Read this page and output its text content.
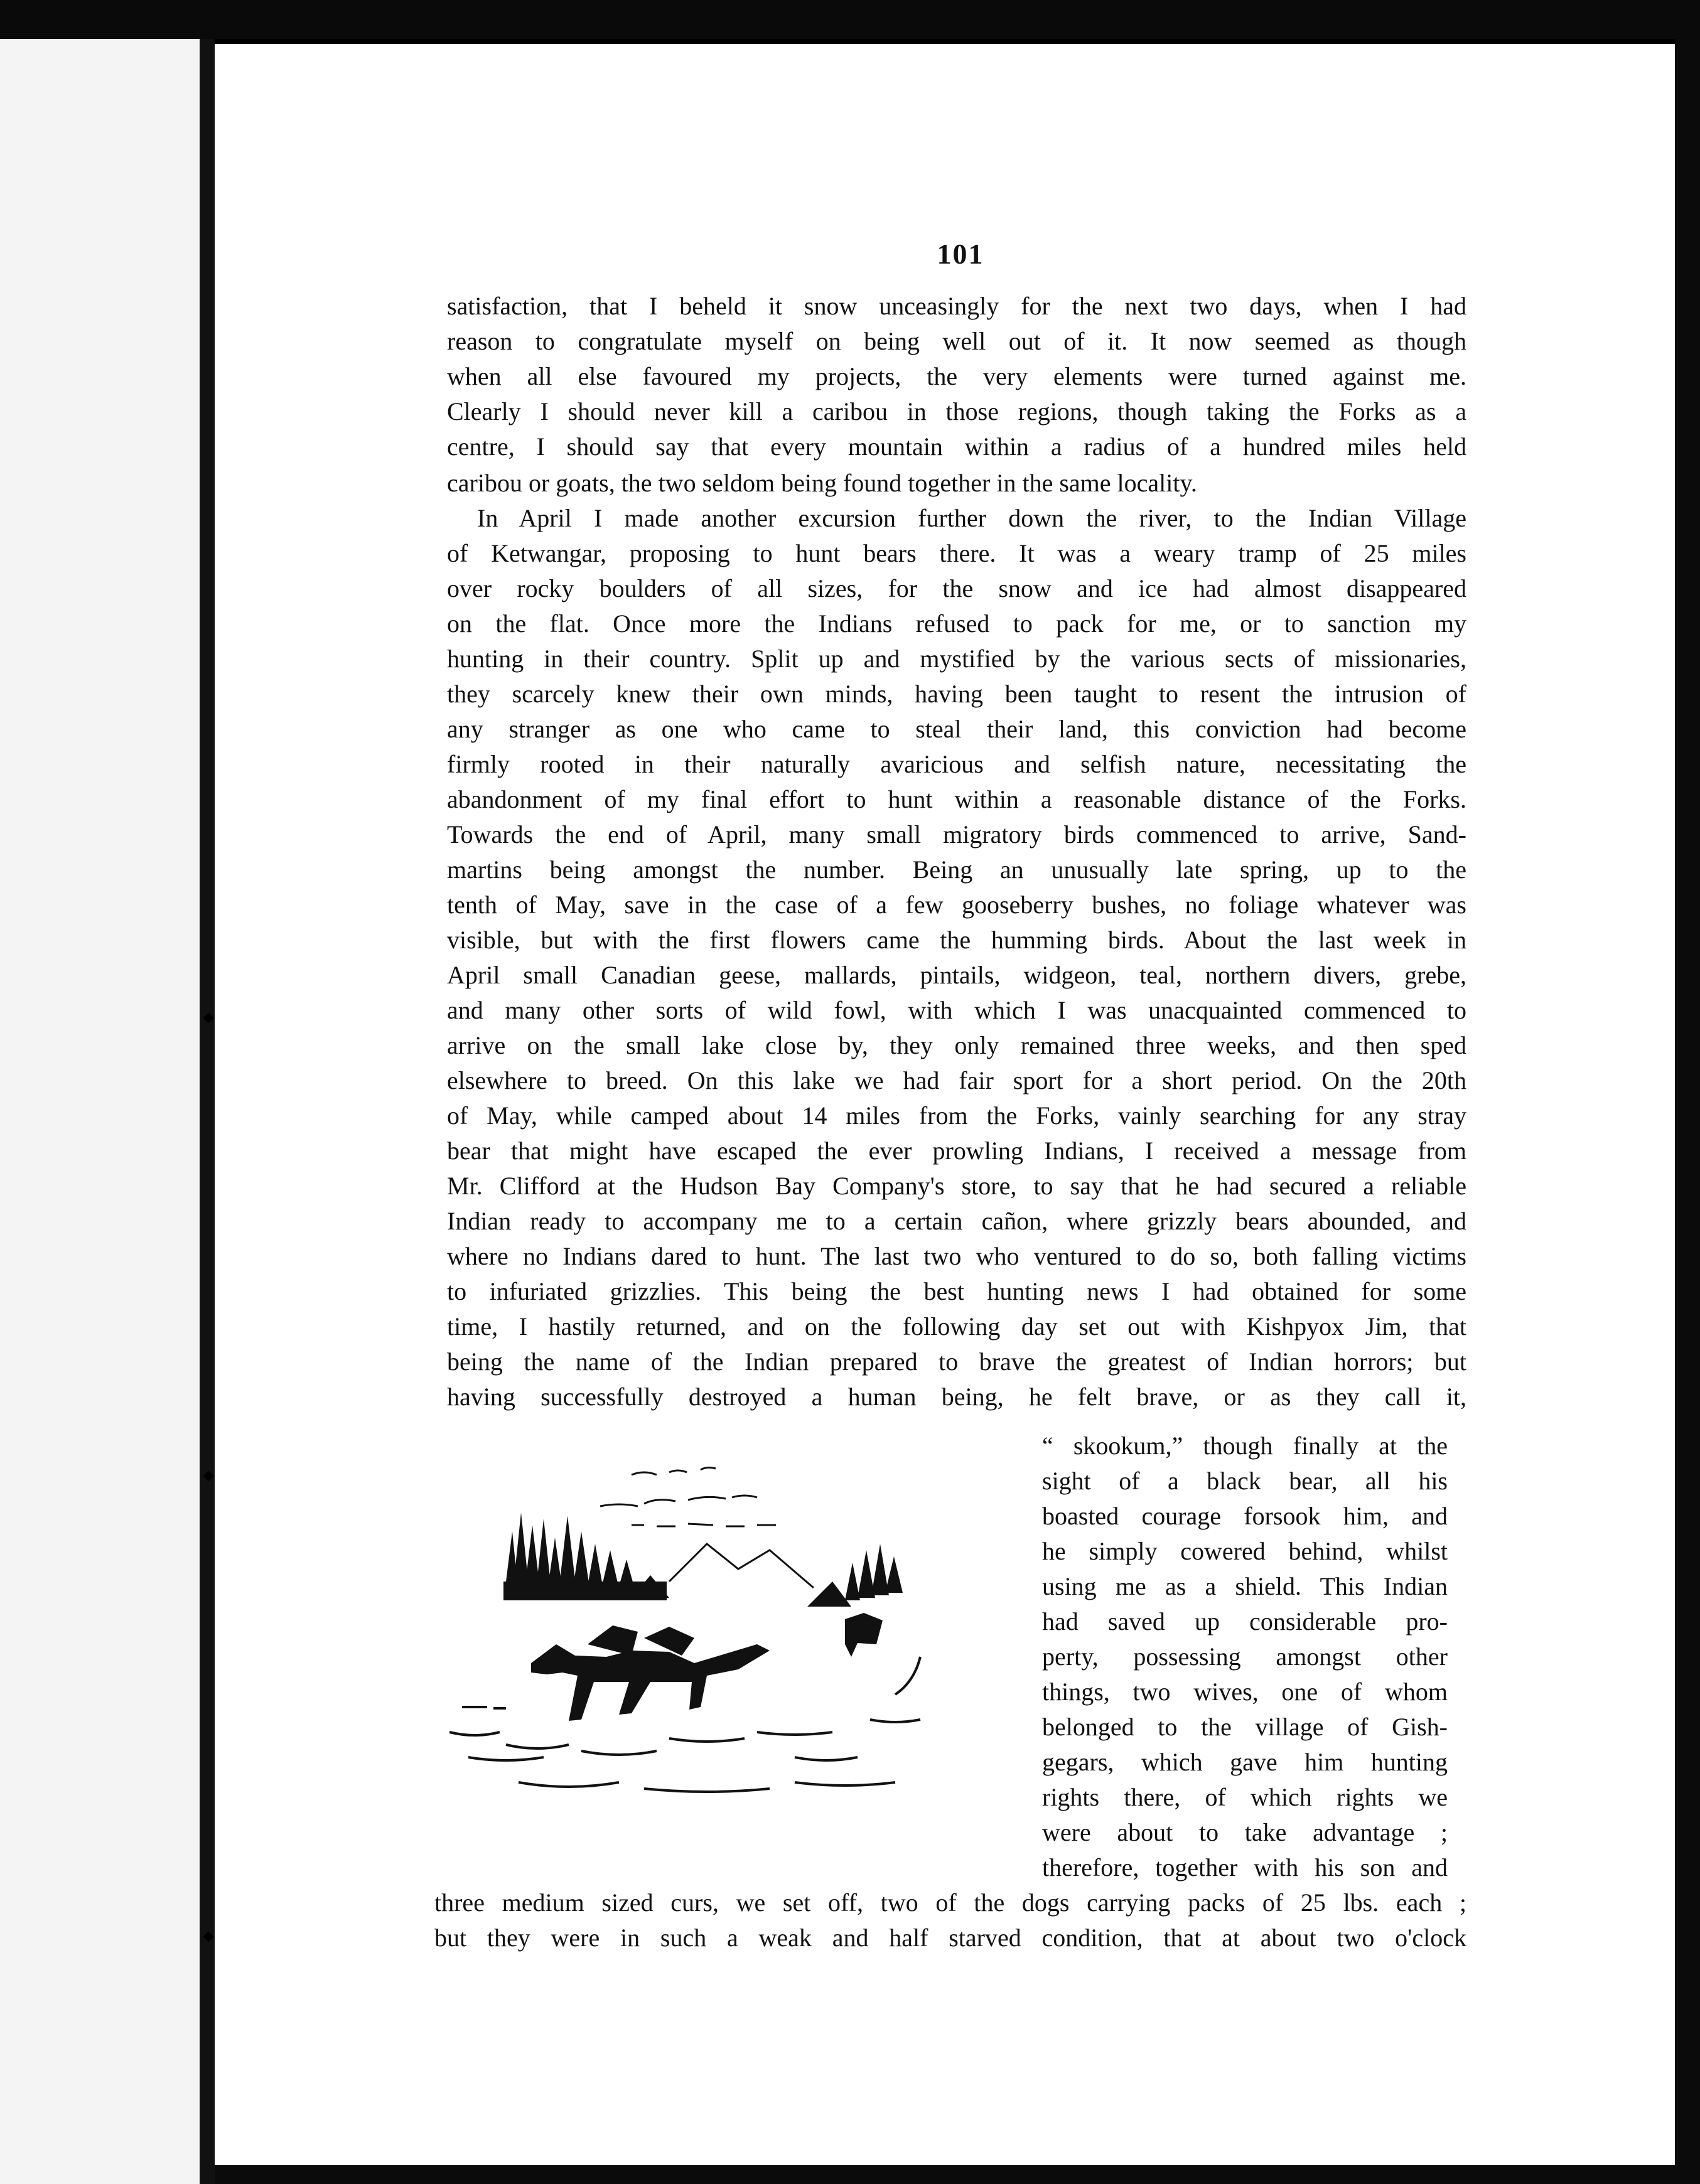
101
satisfaction, that I beheld it snow unceasingly for the next two days, when I had
reason to congratulate myself on being well out of it. It now seemed as though
when all else favoured my projects, the very elements were turned against me.
Clearly I should never kill a caribou in those regions, though taking the Forks as a
centre, I should say that every mountain within a radius of a hundred miles held
caribou or goats, the two seldom being found together in the same locality.
In April I made another excursion further down the river, to the Indian Village
of Ketwangar, proposing to hunt bears there. It was a weary tramp of 25 miles
over rocky boulders of all sizes, for the snow and ice had almost disappeared
on the flat. Once more the Indians refused to pack for me, or to sanction my
hunting in their country. Split up and mystified by the various sects of missionaries,
they scarcely knew their own minds, having been taught to resent the intrusion of
any stranger as one who came to steal their land, this conviction had become
firmly rooted in their naturally avaricious and selfish nature, necessitating the
abandonment of my final effort to hunt within a reasonable distance of the Forks.
Towards the end of April, many small migratory birds commenced to arrive, Sand-
martins being amongst the number. Being an unusually late spring, up to the
tenth of May, save in the case of a few gooseberry bushes, no foliage whatever was
visible, but with the first flowers came the humming birds. About the last week in
April small Canadian geese, mallards, pintails, widgeon, teal, northern divers, grebe,
and many other sorts of wild fowl, with which I was unacquainted commenced to
arrive on the small lake close by, they only remained three weeks, and then sped
elsewhere to breed. On this lake we had fair sport for a short period. On the 20th
of May, while camped about 14 miles from the Forks, vainly searching for any stray
bear that might have escaped the ever prowling Indians, I received a message from
Mr. Clifford at the Hudson Bay Company's store, to say that he had secured a reliable
Indian ready to accompany me to a certain cañon, where grizzly bears abounded, and
where no Indians dared to hunt. The last two who ventured to do so, both falling victims
to infuriated grizzlies. This being the best hunting news I had obtained for some
time, I hastily returned, and on the following day set out with Kishpyox Jim, that
being the name of the Indian prepared to brave the greatest of Indian horrors; but
having successfully destroyed a human being, he felt brave, or as they call it,
“ skookum,” though finally at the
sight of a black bear, all his
boasted courage forsook him, and
he simply cowered behind, whilst
using me as a shield. This Indian
had saved up considerable pro-
perty, possessing amongst other
things, two wives, one of whom
belonged to the village of Gish-
gegars, which gave him hunting
rights there, of which rights we
were about to take advantage ;
therefore, together with his son and
three medium sized curs, we set off, two of the dogs carrying packs of 25 lbs. each ;
but they were in such a weak and half starved condition, that at about two o'clock
